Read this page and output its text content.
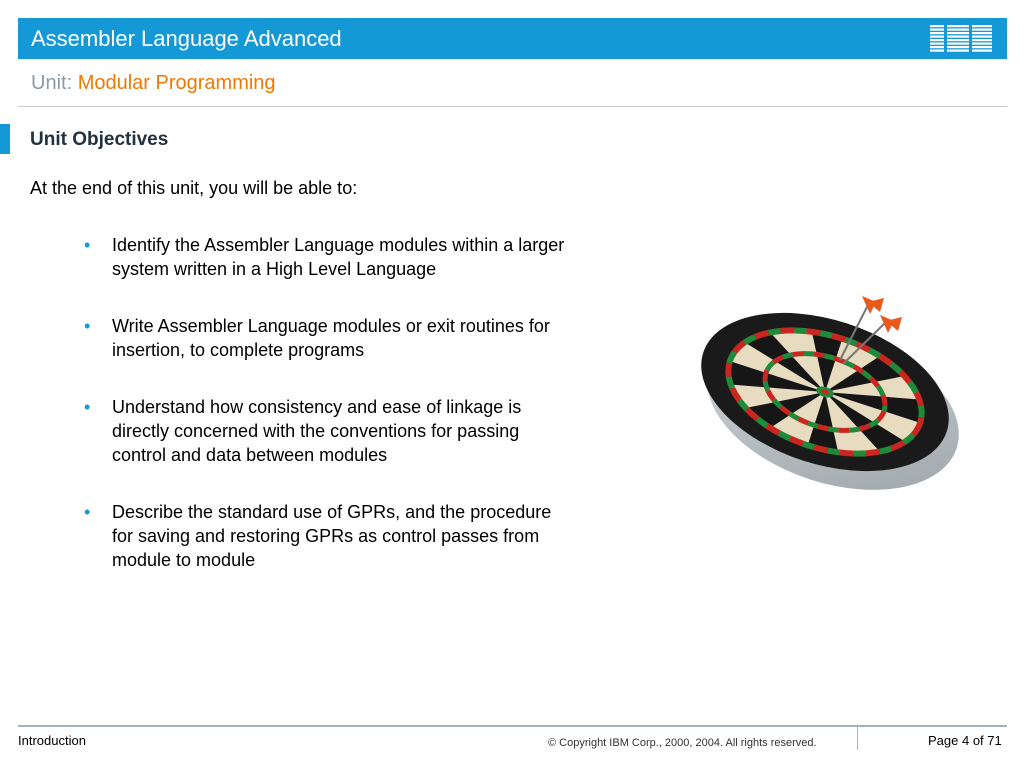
Assembler Language Advanced
Unit: Modular Programming
Unit Objectives
At the end of this unit, you will be able to:
• Identify the Assembler Language modules within a larger
system written in a High Level Language
• Write Assembler Language modules or exit routines for
insertion, to complete programs
• Understand how consistency and ease of linkage is
directly concerned with the conventions for passing
control and data between modules
• Describe the standard use of GPRs, and the procedure
for saving and restoring GPRs as control passes from
module to module
Introduction	© Copyright IBM Corp., 2000, 2004. All rights reserved.	Page 4 of 71
